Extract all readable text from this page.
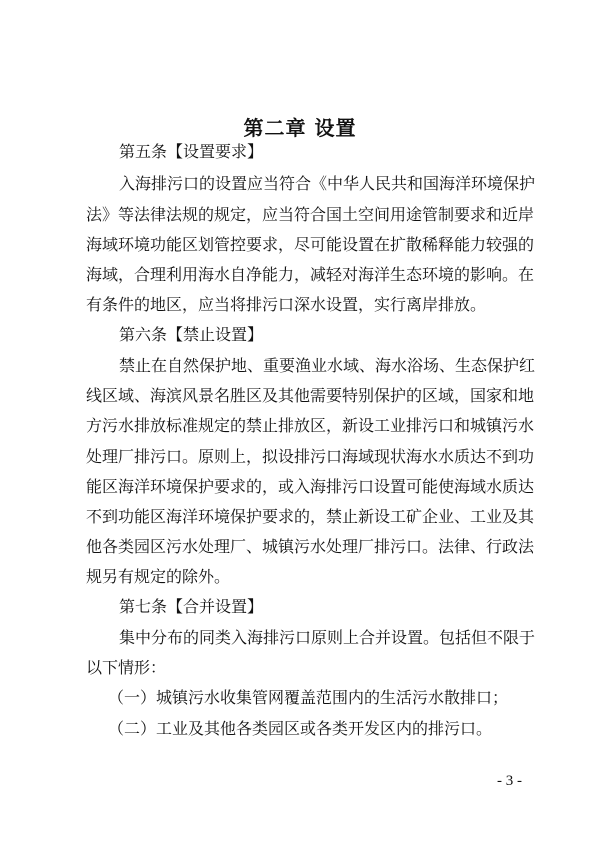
第二章 设置
第五条【设置要求】
入海排污口的设置应当符合《中华人民共和国海洋环境保护
法》等法律法规的规定，应当符合国土空间用途管制要求和近岸
海域环境功能区划管控要求，尽可能设置在扩散稀释能力较强的
海域，合理利用海水自净能力，减轻对海洋生态环境的影响。在
有条件的地区，应当将排污口深水设置，实行离岸排放。
第六条【禁止设置】
禁止在自然保护地、重要渔业水域、海水浴场、生态保护红
线区域、海滨风景名胜区及其他需要特别保护的区域，国家和地
方污水排放标准规定的禁止排放区，新设工业排污口和城镇污水
处理厂排污口。原则上，拟设排污口海域现状海水水质达不到功
能区海洋环境保护要求的，或入海排污口设置可能使海域水质达
不到功能区海洋环境保护要求的，禁止新设工矿企业、工业及其
他各类园区污水处理厂、城镇污水处理厂排污口。法律、行政法
规另有规定的除外。
第七条【合并设置】
集中分布的同类入海排污口原则上合并设置。包括但不限于
以下情形：
（一）城镇污水收集管网覆盖范围内的生活污水散排口；
（二）工业及其他各类园区或各类开发区内的排污口。
- 3 -
